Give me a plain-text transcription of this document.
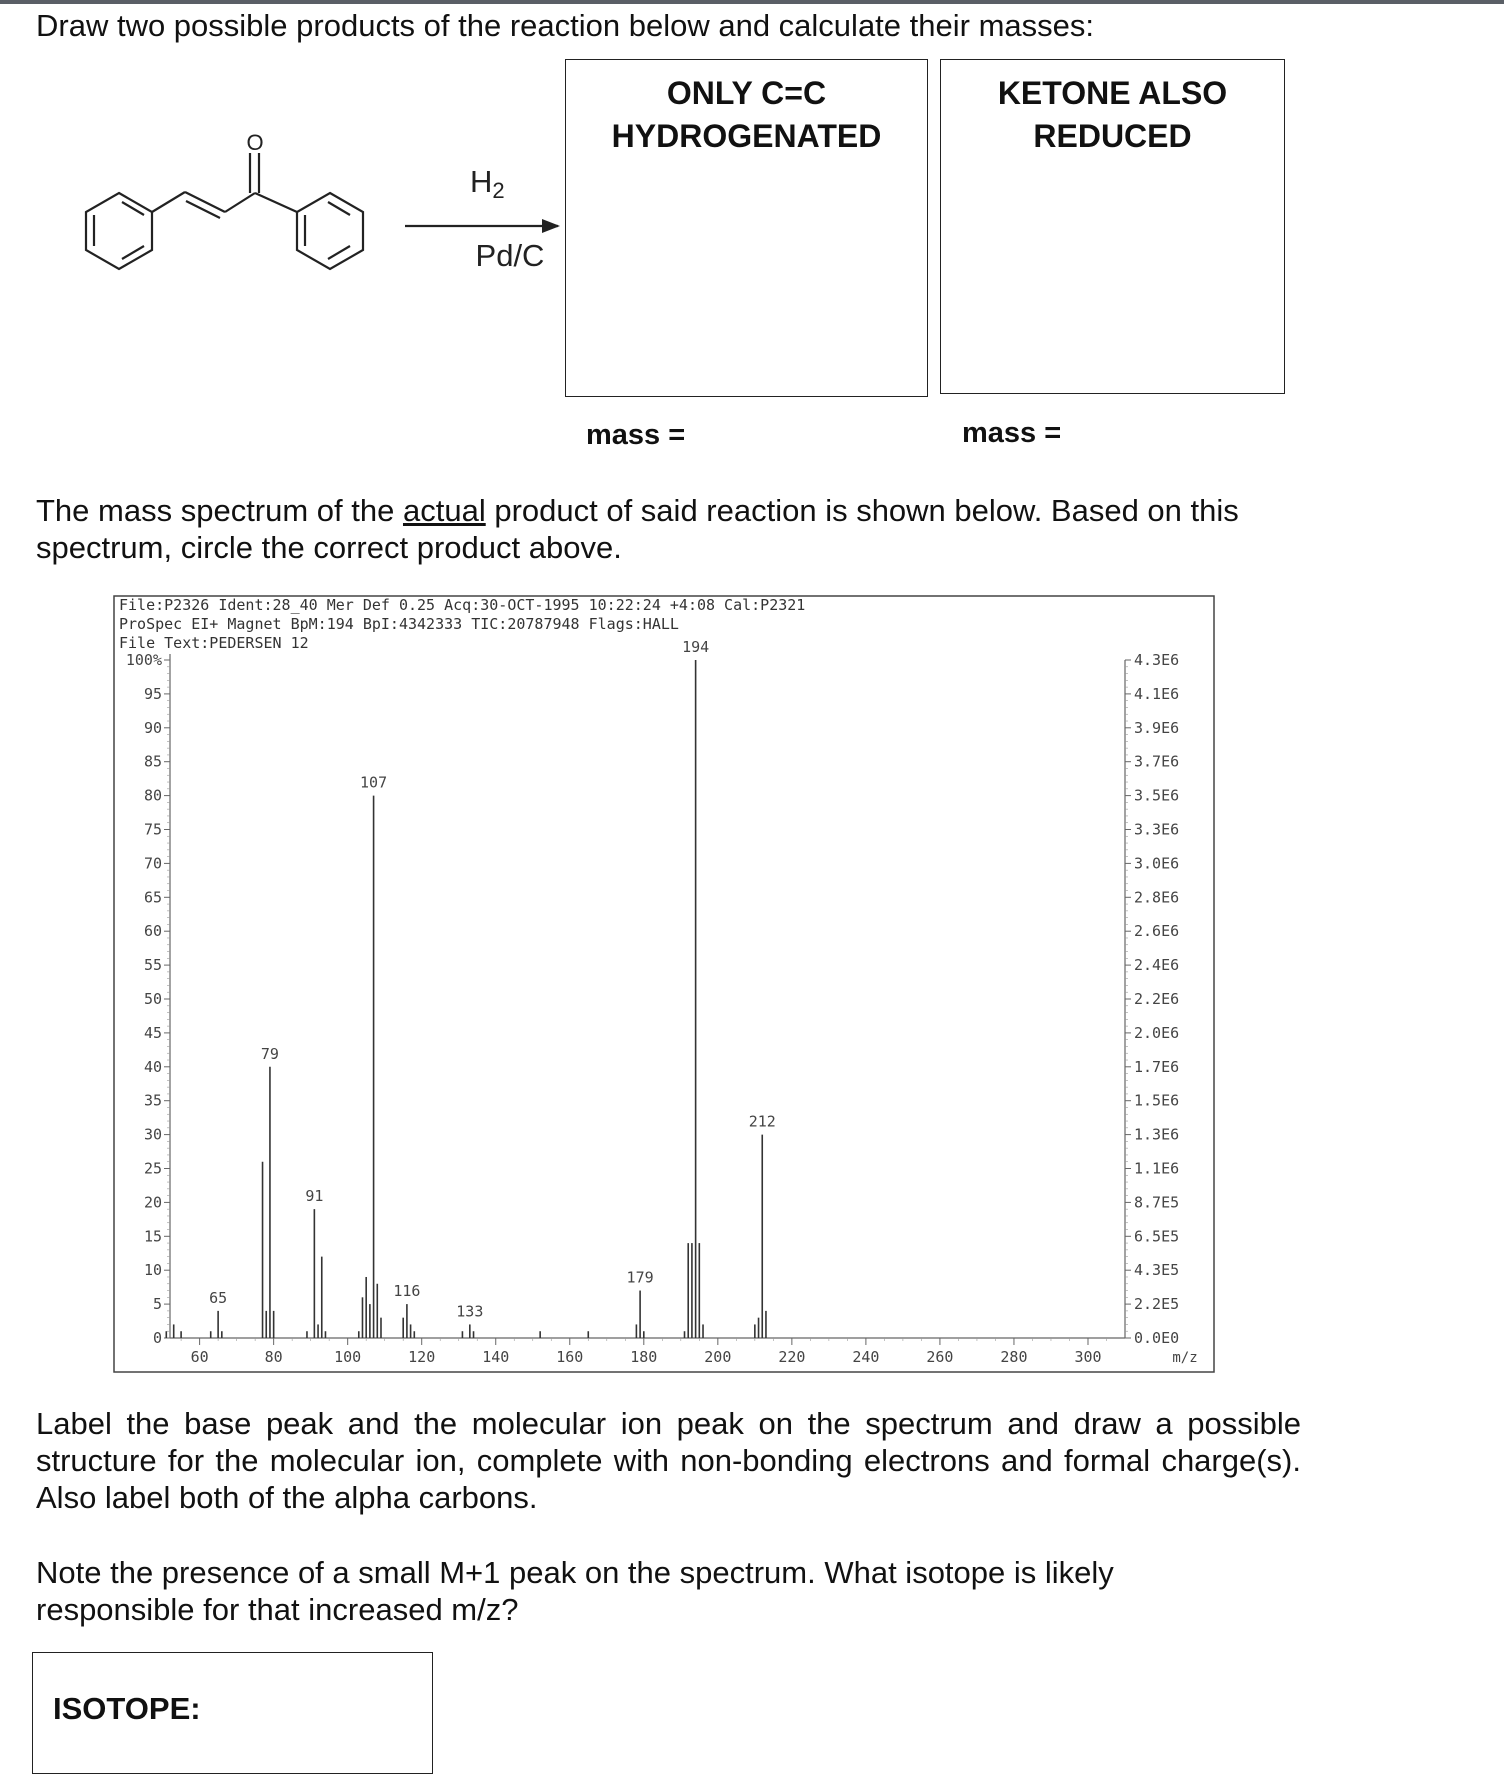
Draw two possible products of the reaction below and calculate their masses:
O
H2
Pd/C
ONLY C=C
HYDROGENATED
KETONE ALSO
REDUCED
mass =	mass =
The mass spectrum of the actual product of said reaction is shown below. Based on this spectrum, circle the correct product above.
File:P2326 Ident:28_40 Mer Def 0.25 Acq:30-OCT-1995 10:22:24 +4:08 Cal:P2321
ProSpec EI+ Magnet BpM:194 BpI:4342333 TIC:20787948 Flags:HALL
File Text:PEDERSEN 12
0	0.0E0
5	2.2E5
10	4.3E5
15	6.5E5
20	8.7E5
25	1.1E6
30	1.3E6
35	1.5E6
40	1.7E6
45	2.0E6
50	2.2E6
55	2.4E6
60	2.6E6
65	2.8E6
70	3.0E6
75	3.3E6
80	3.5E6
85	3.7E6
90	3.9E6
95	4.1E6
100%	4.3E6
60	80	100	120	140	160	180	200	220	240	260	280	300	m/z
65
79
91
107
116
133
179
194
212
Label the base peak and the molecular ion peak on the spectrum and draw a possible structure for the molecular ion, complete with non-bonding electrons and formal charge(s). Also label both of the alpha carbons.
Note the presence of a small M+1 peak on the spectrum. What isotope is likely responsible for that increased m/z?
ISOTOPE:
